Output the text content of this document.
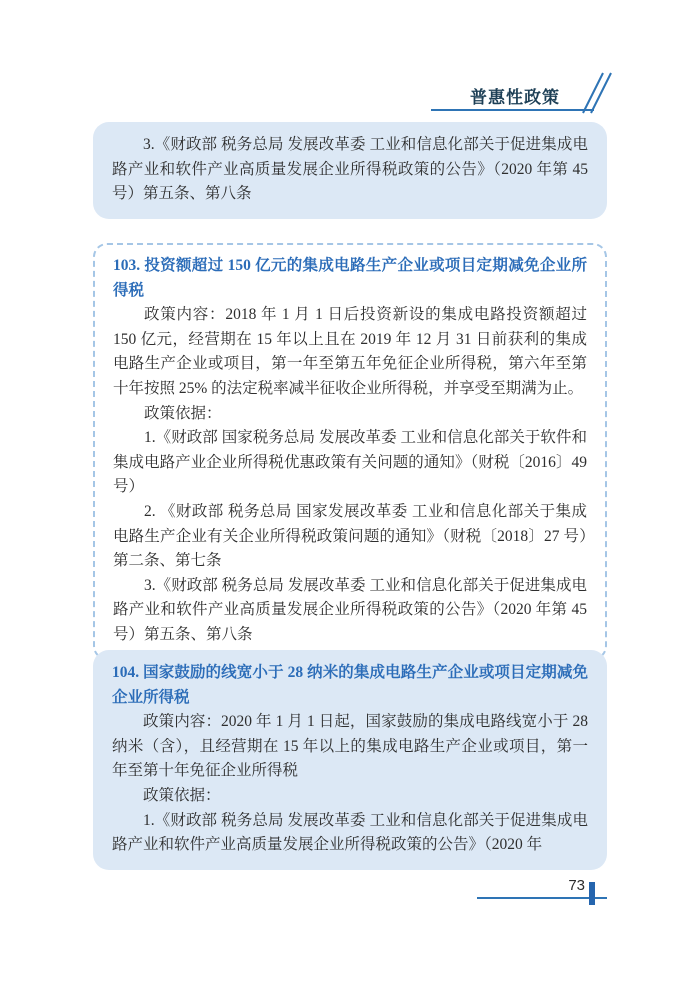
普惠性政策

3.《财政部 税务总局 发展改革委 工业和信息化部关于促进集成电路产业和软件产业高质量发展企业所得税政策的公告》（2020 年第 45 号）第五条、第八条

103. 投资额超过 150 亿元的集成电路生产企业或项目定期减免企业所得税

政策内容：2018 年 1 月 1 日后投资新设的集成电路投资额超过 150 亿元，经营期在 15 年以上且在 2019 年 12 月 31 日前获利的集成电路生产企业或项目，第一年至第五年免征企业所得税，第六年至第十年按照 25% 的法定税率减半征收企业所得税，并享受至期满为止。

政策依据：

1.《财政部 国家税务总局 发展改革委 工业和信息化部关于软件和集成电路产业企业所得税优惠政策有关问题的通知》（财税〔2016〕49 号）

2. 《财政部 税务总局 国家发展改革委 工业和信息化部关于集成电路生产企业有关企业所得税政策问题的通知》（财税〔2018〕27 号）第二条、第七条

3.《财政部 税务总局 发展改革委 工业和信息化部关于促进集成电路产业和软件产业高质量发展企业所得税政策的公告》（2020 年第 45 号）第五条、第八条

104. 国家鼓励的线宽小于 28 纳米的集成电路生产企业或项目定期减免企业所得税

政策内容：2020 年 1 月 1 日起，国家鼓励的集成电路线宽小于 28 纳米（含），且经营期在 15 年以上的集成电路生产企业或项目，第一年至第十年免征企业所得税

政策依据：

1.《财政部 税务总局 发展改革委 工业和信息化部关于促进集成电路产业和软件产业高质量发展企业所得税政策的公告》（2020 年

73
